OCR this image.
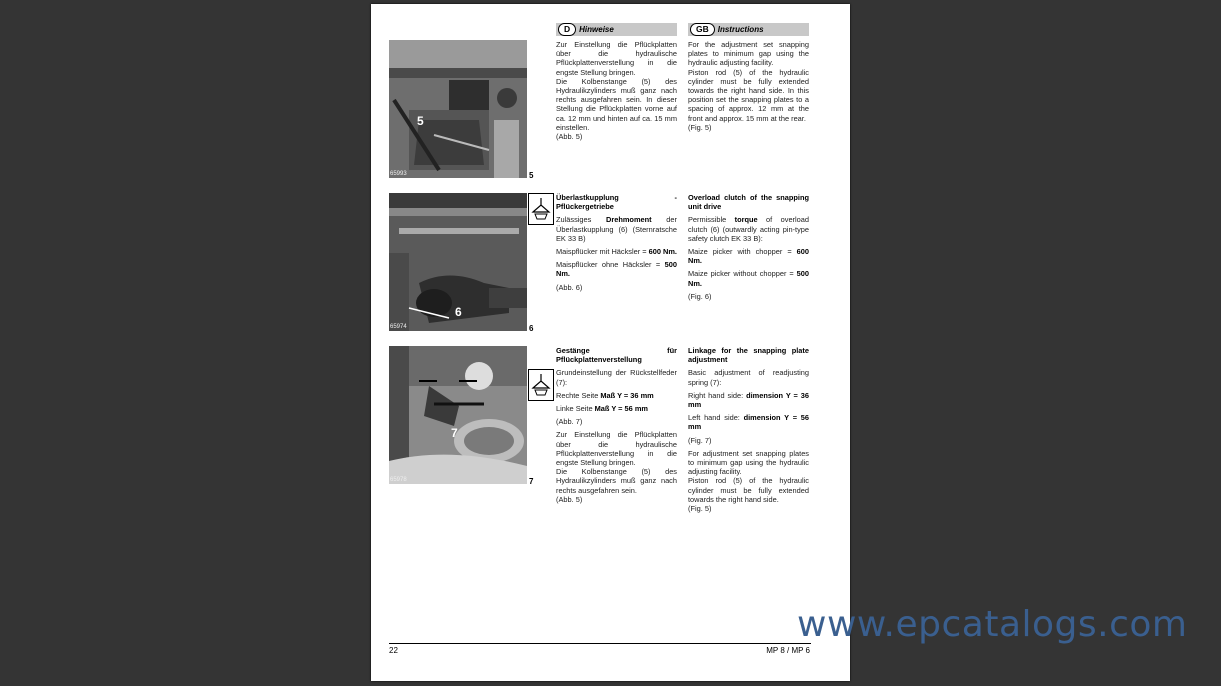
D Hinweise	GB Instructions
5
65993	5

Zur Einstellung die Pflückplatten über die hydraulische Pflückplattenverstellung in die engste Stellung bringen.

Die Kolbenstange (5) des Hydraulikzylinders muß ganz nach rechts ausgefahren sein. In dieser Stellung die Pflückplatten vorne auf ca. 12 mm und hinten auf ca. 15 mm einstellen.

(Abb. 5)

For the adjustment set snapping plates to minimum gap using the hydraulic adjusting facility.

Piston rod (5) of the hydraulic cylinder must be fully extended towards the right hand side. In this position set the snapping plates to a spacing of approx. 12 mm at the front and approx. 15 mm at the rear.

(Fig. 5)

6
65974	6

Überlastkupplung - Pflückergetriebe

Zulässiges Drehmoment der Überlastkupplung (6) (Sternratsche EK 33 B)

Maispflücker mit Häcksler = 600 Nm.

Maispflücker ohne Häcksler = 500 Nm.

(Abb. 6)

Overload clutch of the snapping unit drive

Permissible torque of overload clutch (6) (outwardly acting pin-type safety clutch EK 33 B):

Maize picker with chopper = 600 Nm.

Maize picker without chopper = 500 Nm.

(Fig. 6)

7
65978	7

Gestänge für Pflückplattenverstellung

Grundeinstellung der Rückstellfeder (7):

Rechte Seite Maß Y = 36 mm

Linke Seite Maß Y = 56 mm

(Abb. 7)

Zur Einstellung die Pflückplatten über die hydraulische Pflückplattenverstellung in die engste Stellung bringen.

Die Kolbenstange (5) des Hydraulikzylinders muß ganz nach rechts ausgefahren sein.

(Abb. 5)

Linkage for the snapping plate adjustment

Basic adjustment of readjusting spring (7):

Right hand side: dimension Y = 36 mm

Left hand side: dimension Y = 56 mm

(Fig. 7)

For adjustment set snapping plates to minimum gap using the hydraulic adjusting facility.

Piston rod (5) of the hydraulic cylinder must be fully extended towards the right hand side.

(Fig. 5)

22	MP 8 / MP 6
www.epcatalogs.com
